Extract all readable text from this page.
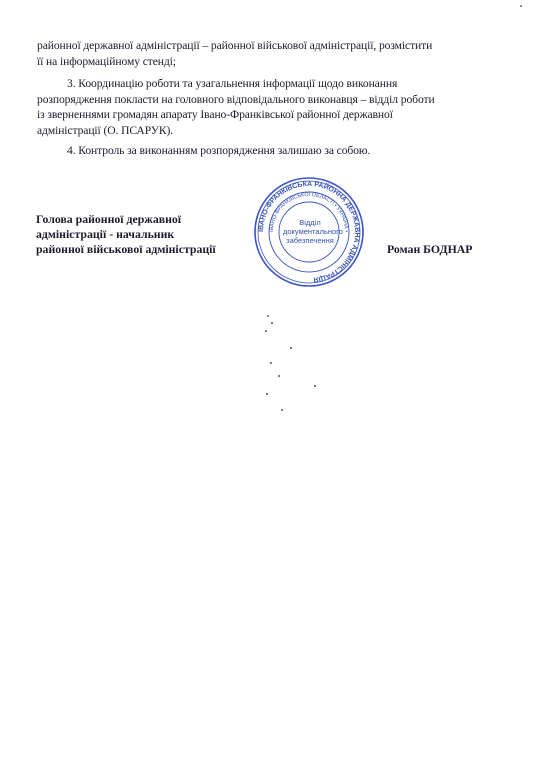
районної державної адміністрації – районної військової адміністрації, розмістити
її на інформаційному стенді;
3. Координацію роботи та узагальнення інформації щодо виконання
розпорядження покласти на головного відповідального виконавця – відділ роботи
із зверненнями громадян апарату Івано-Франківської районної державної
адміністрації (О. ПСАРУК).
4. Контроль за виконанням розпорядження залишаю за собою.
Голова районної державної
адміністрації - начальник
районної військової адміністрації
ІВАНО-ФРАНКІВСЬКА РАЙОННА ДЕРЖАВНА АДМІНІСТРАЦІЯ
ІВАНО-ФРАНКІВСЬКОЇ ОБЛАСТІ • УКРАЇНА •
Відділ
документального
забезпечення
Роман БОДНАР
